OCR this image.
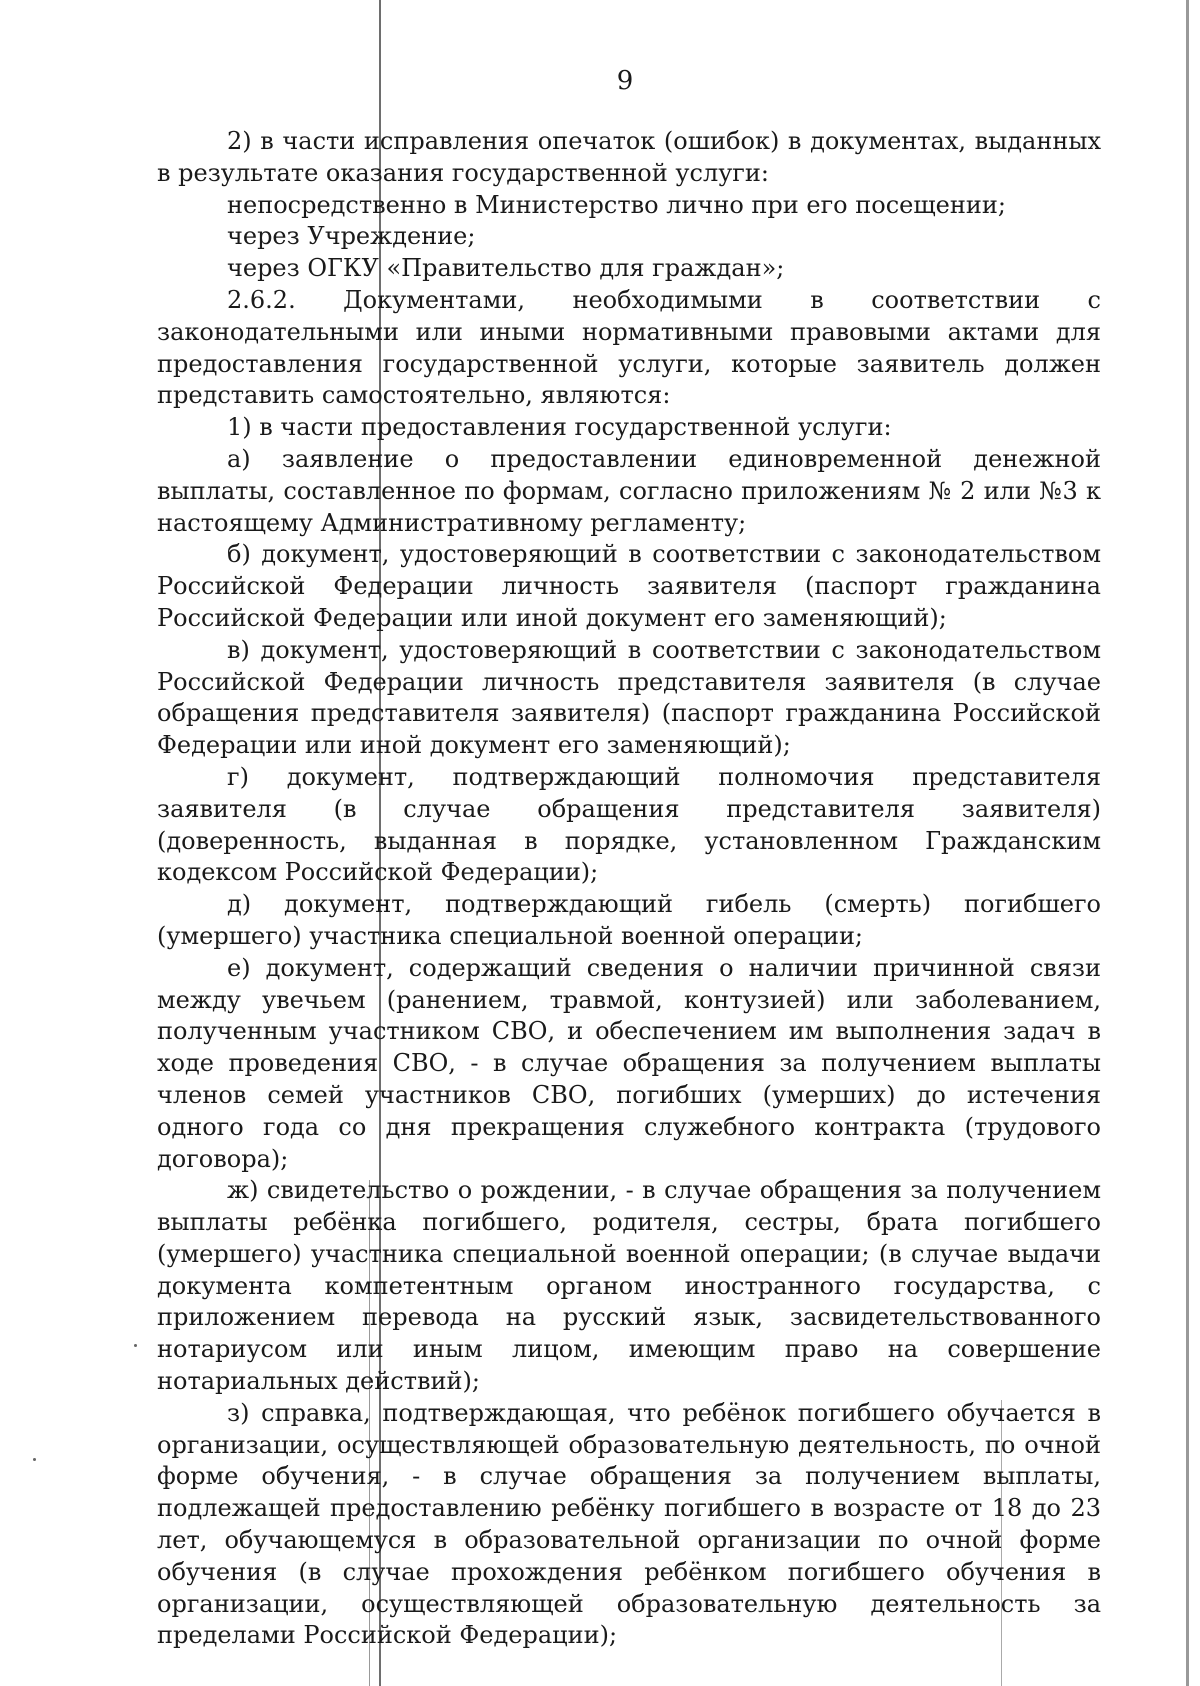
9

2) в части исправления опечаток (ошибок) в документах, выданных в результате оказания государственной услуги:

непосредственно в Министерство лично при его посещении;

через Учреждение;

через ОГКУ «Правительство для граждан»;

2.6.2. Документами, необходимыми в соответствии с законодательными или иными нормативными правовыми актами для предоставления государственной услуги, которые заявитель должен представить самостоятельно, являются:

1) в части предоставления государственной услуги:

а) заявление о предоставлении единовременной денежной выплаты, составленное по формам, согласно приложениям № 2 или №3 к настоящему Административному регламенту;

б) документ, удостоверяющий в соответствии с законодательством Российской Федерации личность заявителя (паспорт гражданина Российской Федерации или иной документ его заменяющий);

в) документ, удостоверяющий в соответствии с законодательством Российской Федерации личность представителя заявителя (в случае обращения представителя заявителя) (паспорт гражданина Российской Федерации или иной документ его заменяющий);

г) документ, подтверждающий полномочия представителя заявителя (в случае обращения представителя заявителя) (доверенность, выданная в порядке, установленном Гражданским кодексом Российской Федерации);

д) документ, подтверждающий гибель (смерть) погибшего (умершего) участника специальной военной операции;

е) документ, содержащий сведения о наличии причинной связи между увечьем (ранением, травмой, контузией) или заболеванием, полученным участником СВО, и обеспечением им выполнения задач в ходе проведения СВО, - в случае обращения за получением выплаты членов семей участников СВО, погибших (умерших) до истечения одного года со дня прекращения служебного контракта (трудового договора);

ж) свидетельство о рождении, - в случае обращения за получением выплаты ребёнка погибшего, родителя, сестры, брата погибшего (умершего) участника специальной военной операции; (в случае выдачи документа компетентным органом иностранного государства, с приложением перевода на русский язык, засвидетельствованного нотариусом или иным лицом, имеющим право на совершение нотариальных действий);

з) справка, подтверждающая, что ребёнок погибшего обучается в организации, осуществляющей образовательную деятельность, по очной форме обучения, - в случае обращения за получением выплаты, подлежащей предоставлению ребёнку погибшего в возрасте от 18 до 23 лет, обучающемуся в образовательной организации по очной форме обучения (в случае прохождения ребёнком погибшего обучения в организации, осуществляющей образовательную деятельность за пределами Российской Федерации);
